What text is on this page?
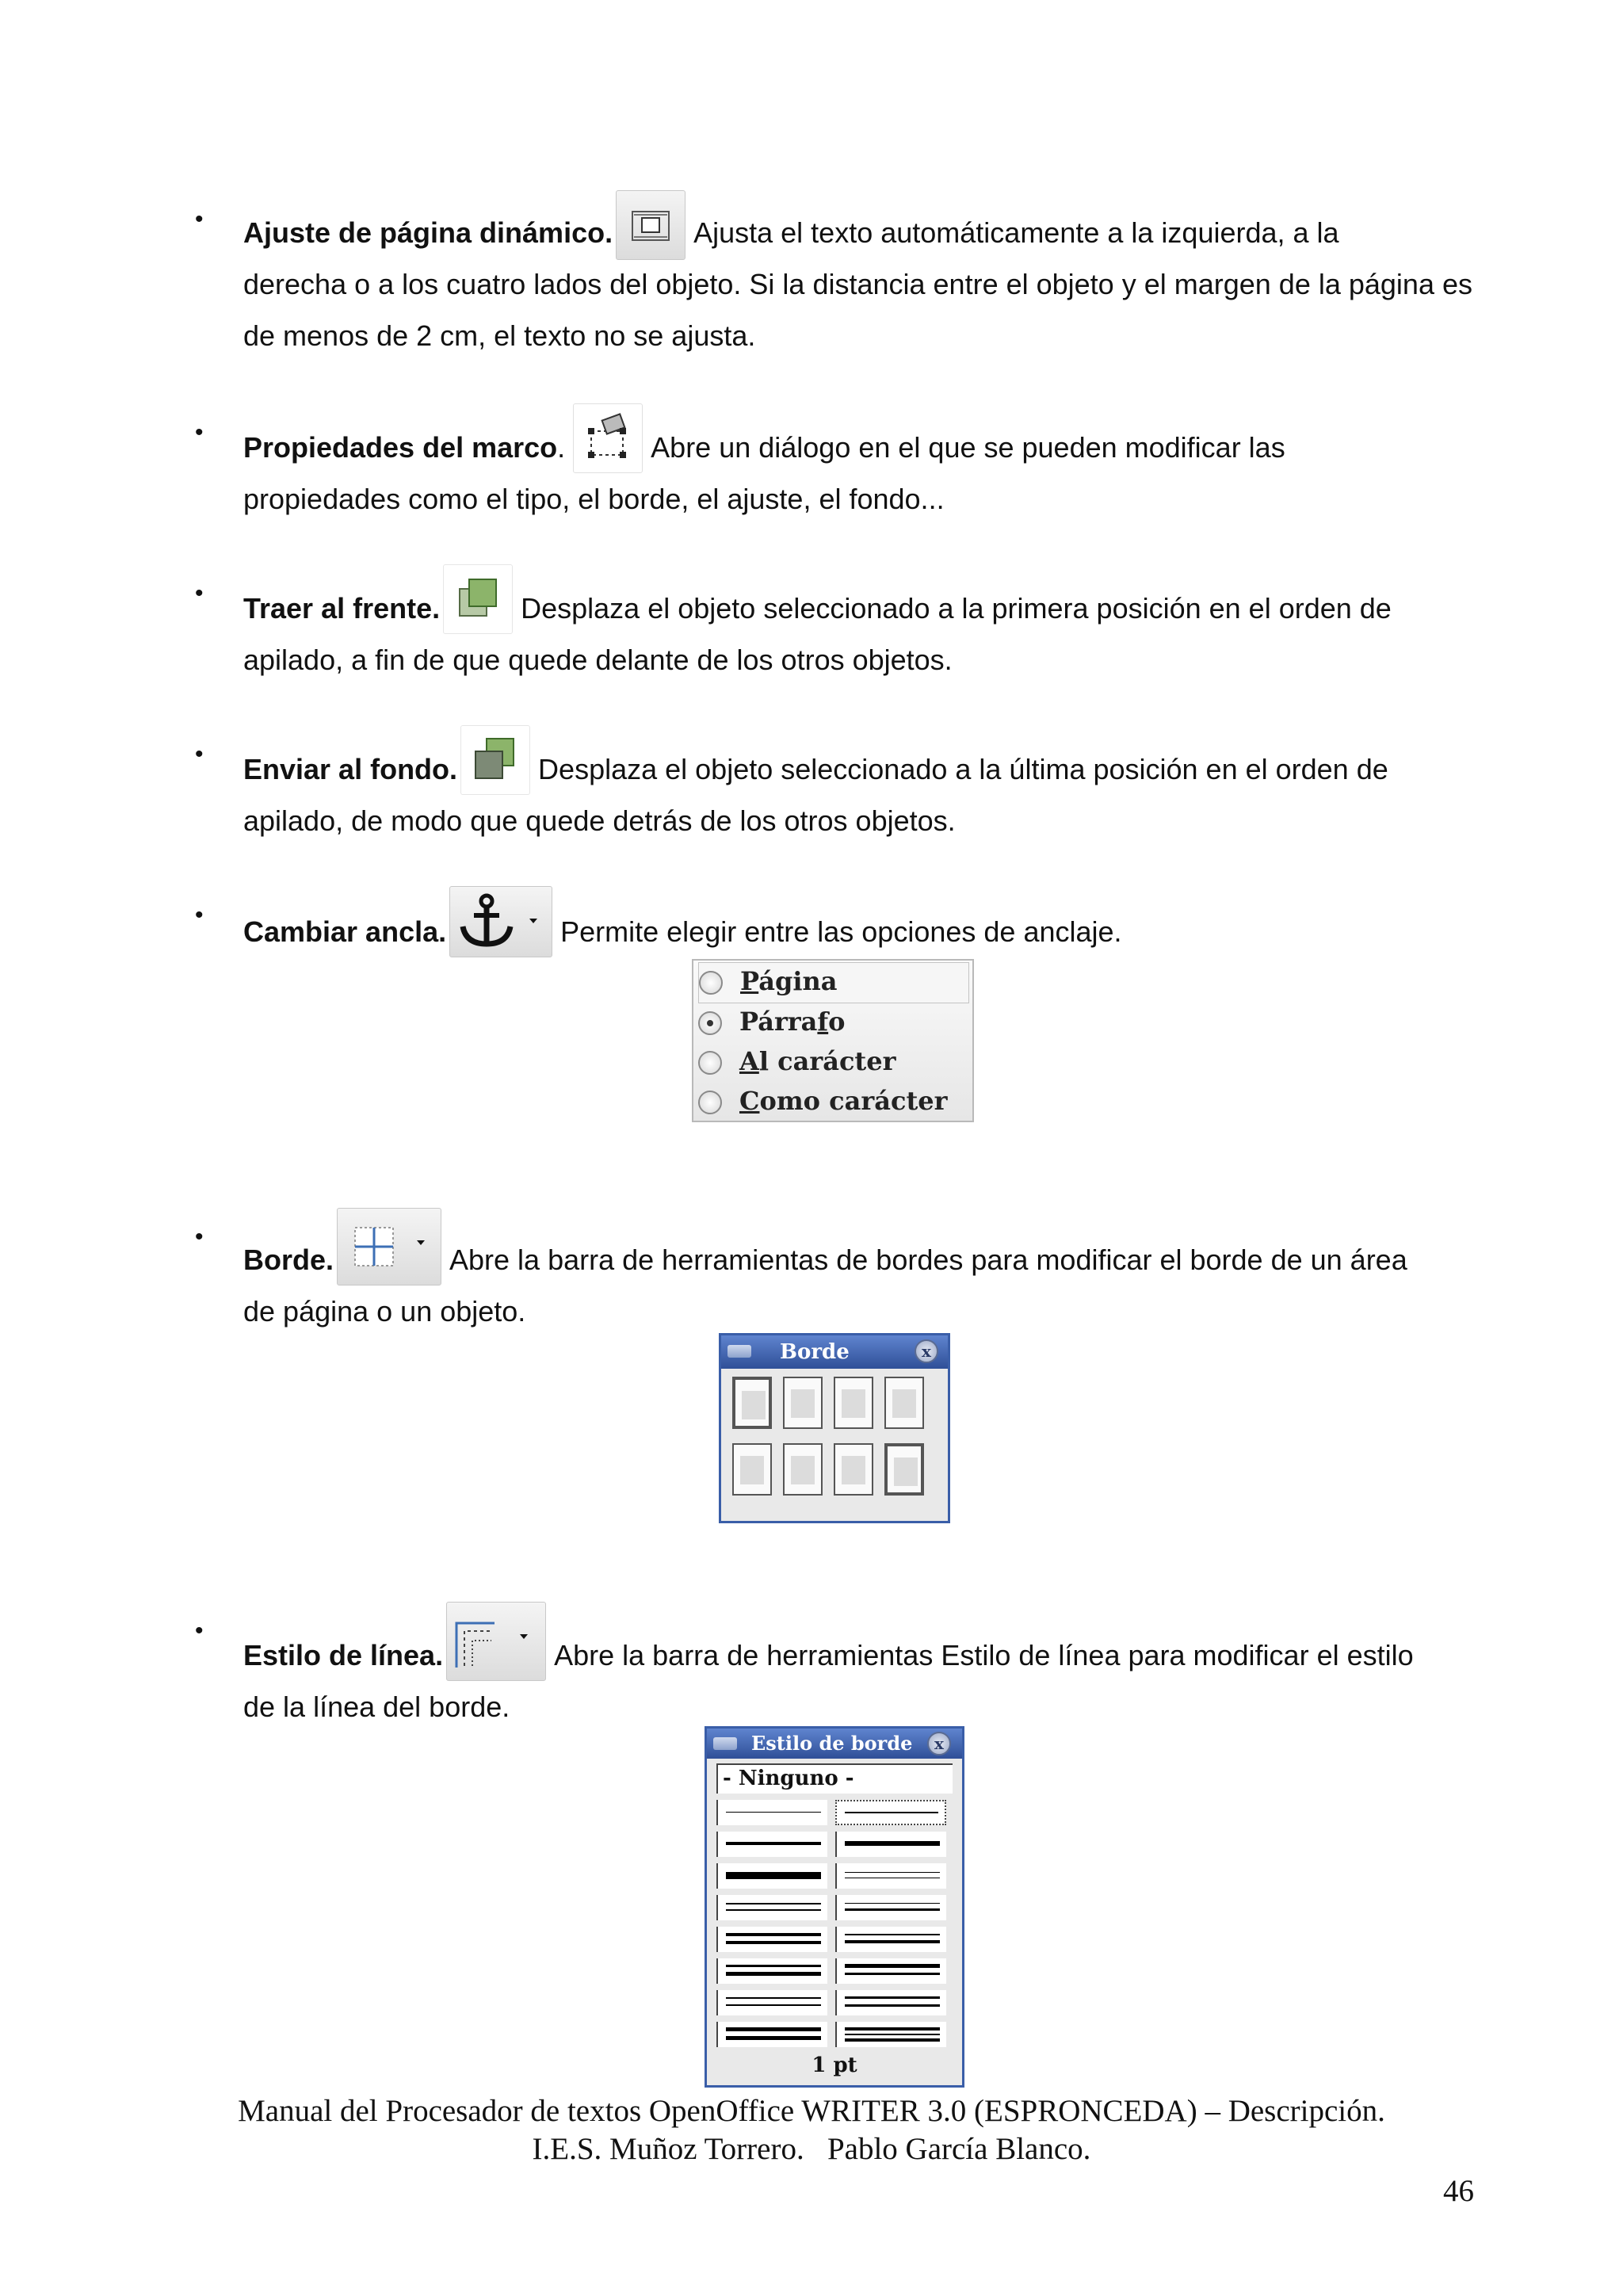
• Ajuste de página dinámico.	Ajusta el texto automáticamente a la izquierda, a la
derecha o a los cuatro lados del objeto. Si la distancia entre el objeto y el margen de la página es de menos de 2 cm, el texto no se ajusta.
• Propiedades del marco.	Abre un diálogo en el que se pueden modificar las
propiedades como el tipo, el borde, el ajuste, el fondo...
• Traer al frente.	Desplaza el objeto seleccionado a la primera posición en el orden de
apilado, a fin de que quede delante de los otros objetos.
• Enviar al fondo.	Desplaza el objeto seleccionado a la última posición en el orden de
apilado, de modo que quede detrás de los otros objetos.
•
Cambiar ancla.	Permite elegir entre las opciones de anclaje.
Página
Párrafo
Al carácter
Como carácter
•
Borde.	Abre la barra de herramientas de bordes para modificar el borde de un área
de página o un objeto.
Borde	x
•
Estilo de línea.	Abre la barra de herramientas Estilo de línea para modificar el estilo
de la línea del borde.
Estilo de borde	x
- Ninguno -
1 pt
Manual del Procesador de textos OpenOffice WRITER 3.0 (ESPRONCEDA) – Descripción.
I.E.S. Muñoz Torrero.   Pablo García Blanco.
46
